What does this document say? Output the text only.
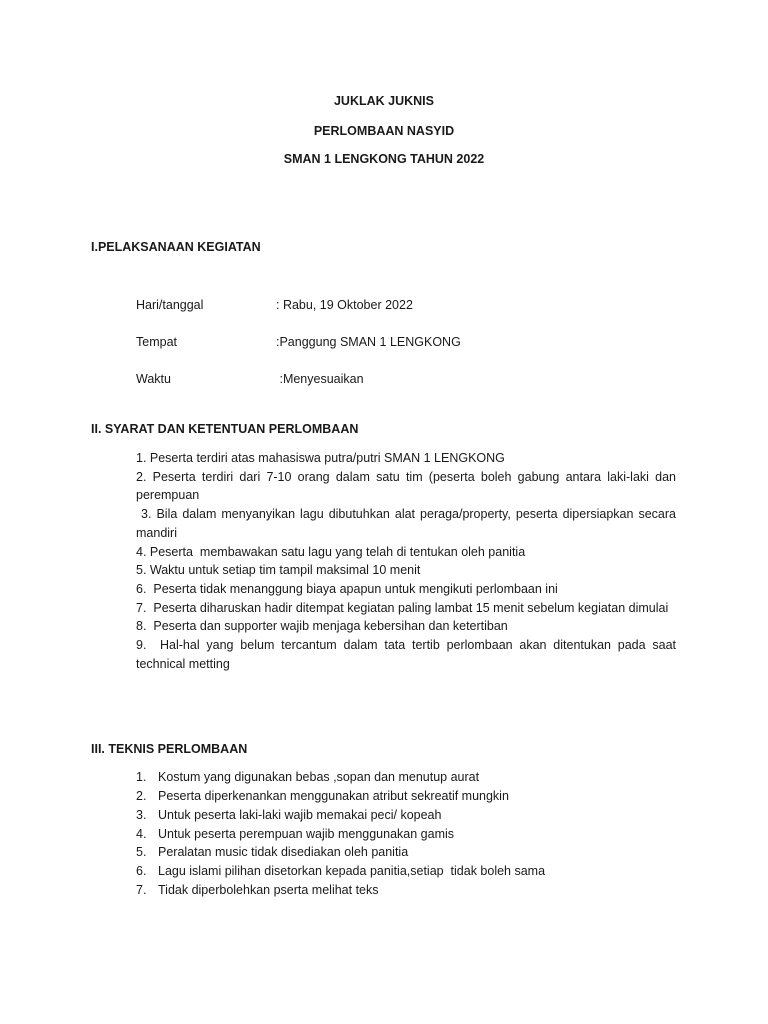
JUKLAK JUKNIS
PERLOMBAAN NASYID
SMAN 1 LENGKONG TAHUN 2022
I.PELAKSANAAN KEGIATAN
Hari/tanggal	: Rabu, 19 Oktober 2022
Tempat	:Panggung SMAN 1 LENGKONG
Waktu	:Menyesuaikan
II. SYARAT DAN KETENTUAN PERLOMBAAN

1. Peserta terdiri atas mahasiswa putra/putri SMAN 1 LENGKONG

2. Peserta terdiri dari 7-10 orang dalam satu tim (peserta boleh gabung antara laki-laki dan perempuan

3. Bila dalam menyanyikan lagu dibutuhkan alat peraga/property, peserta dipersiapkan secara mandiri

4. Peserta  membawakan satu lagu yang telah di tentukan oleh panitia

5. Waktu untuk setiap tim tampil maksimal 10 menit

6.  Peserta tidak menanggung biaya apapun untuk mengikuti perlombaan ini

7.  Peserta diharuskan hadir ditempat kegiatan paling lambat 15 menit sebelum kegiatan dimulai

8.  Peserta dan supporter wajib menjaga kebersihan dan ketertiban

9.  Hal-hal yang belum tercantum dalam tata tertib perlombaan akan ditentukan pada saat technical metting

III. TEKNIS PERLOMBAAN
1. Kostum yang digunakan bebas ,sopan dan menutup aurat
2. Peserta diperkenankan menggunakan atribut sekreatif mungkin
3. Untuk peserta laki-laki wajib memakai peci/ kopeah
4. Untuk peserta perempuan wajib menggunakan gamis
5. Peralatan music tidak disediakan oleh panitia
6. Lagu islami pilihan disetorkan kepada panitia,setiap  tidak boleh sama
7. Tidak diperbolehkan pserta melihat teks
